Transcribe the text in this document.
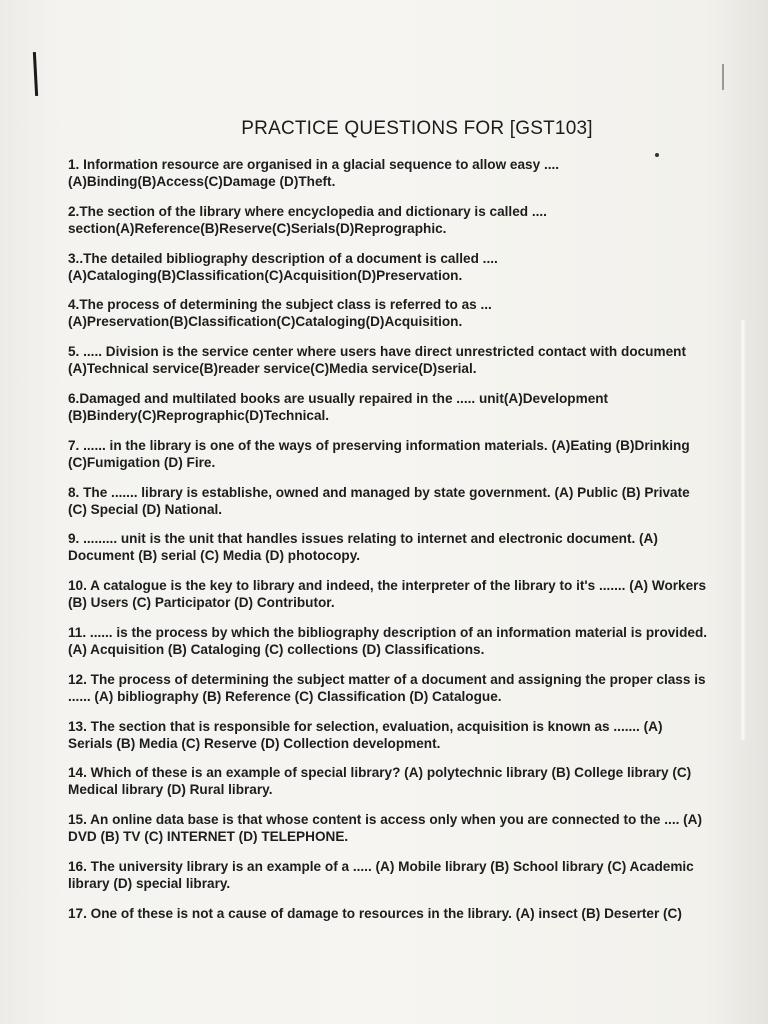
PRACTICE QUESTIONS FOR [GST103]
1. Information resource are organised in a glacial sequence to allow easy ....
(A)Binding(B)Access(C)Damage (D)Theft.
2.The section of the library where encyclopedia and dictionary is called ....
section(A)Reference(B)Reserve(C)Serials(D)Reprographic.
3..The detailed bibliography description of a document is called ....
(A)Cataloging(B)Classification(C)Acquisition(D)Preservation.
4.The process of determining the subject class is referred to as ...
(A)Preservation(B)Classification(C)Cataloging(D)Acquisition.
5. ..... Division is the service center where users have direct unrestricted contact with document
(A)Technical service(B)reader service(C)Media service(D)serial.
6.Damaged and multilated books are usually repaired in the ..... unit(A)Development
(B)Bindery(C)Reprographic(D)Technical.
7. ...... in the library is one of the ways of preserving information materials. (A)Eating (B)Drinking
(C)Fumigation (D) Fire.
8. The ....... library is establishe, owned and managed by state government. (A) Public (B) Private
(C) Special (D) National.
9. ......... unit is the unit that handles issues relating to internet and electronic document. (A)
Document (B) serial (C) Media (D) photocopy.
10. A catalogue is the key to library and indeed, the interpreter of the library to it's ....... (A) Workers
(B) Users (C) Participator (D) Contributor.
11. ...... is the process by which the bibliography description of an information material is provided.
(A) Acquisition (B) Cataloging (C) collections (D) Classifications.
12. The process of determining the subject matter of a document and assigning the proper class is
...... (A) bibliography (B) Reference (C) Classification (D) Catalogue.
13. The section that is responsible for selection, evaluation, acquisition is known as ....... (A)
Serials (B) Media (C) Reserve (D) Collection development.
14. Which of these is an example of special library? (A) polytechnic library (B) College library (C)
Medical library (D) Rural library.
15. An online data base is that whose content is access only when you are connected to the .... (A)
DVD (B) TV (C) INTERNET (D) TELEPHONE.
16. The university library is an example of a ..... (A) Mobile library (B) School library (C) Academic
library (D) special library.
17. One of these is not a cause of damage to resources in the library. (A) insect (B) Deserter (C)
